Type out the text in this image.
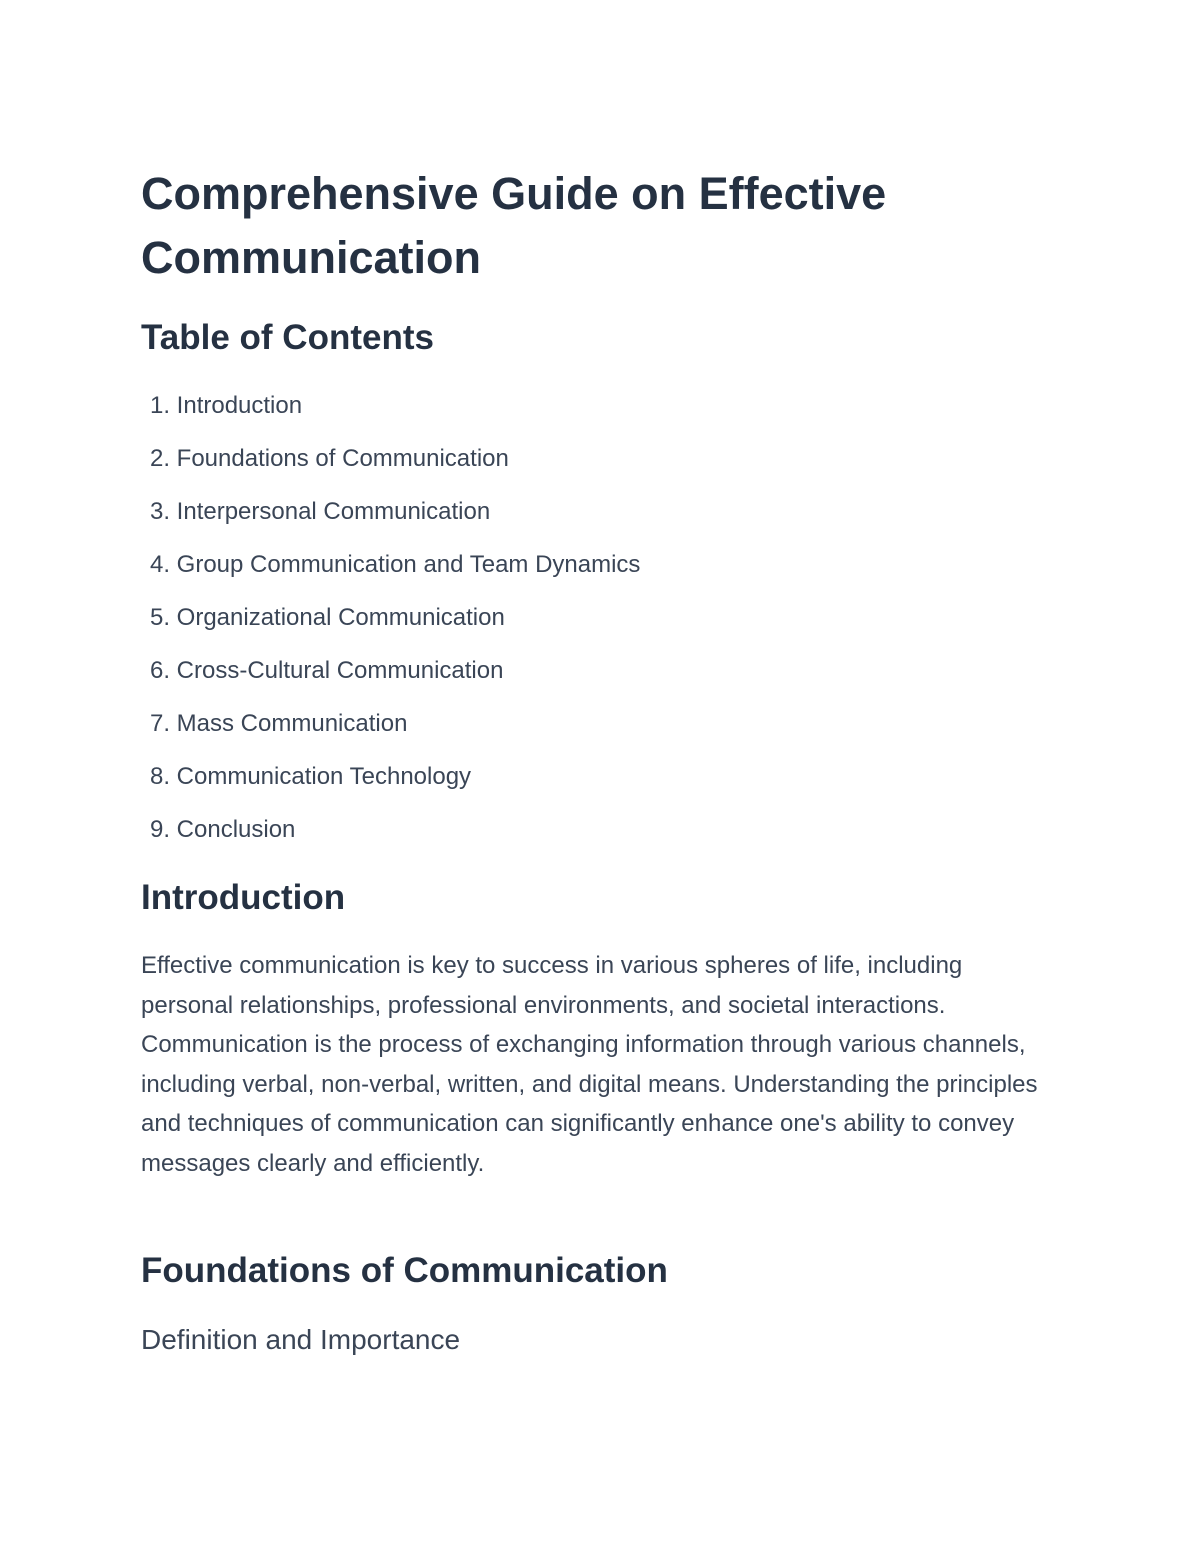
Comprehensive Guide on Effective Communication
Table of Contents
1. Introduction
2. Foundations of Communication
3. Interpersonal Communication
4. Group Communication and Team Dynamics
5. Organizational Communication
6. Cross-Cultural Communication
7. Mass Communication
8. Communication Technology
9. Conclusion
Introduction

Effective communication is key to success in various spheres of life, including personal relationships, professional environments, and societal interactions. Communication is the process of exchanging information through various channels, including verbal, non-verbal, written, and digital means. Understanding the principles and techniques of communication can significantly enhance one's ability to convey messages clearly and efficiently.

Foundations of Communication
Definition and Importance
